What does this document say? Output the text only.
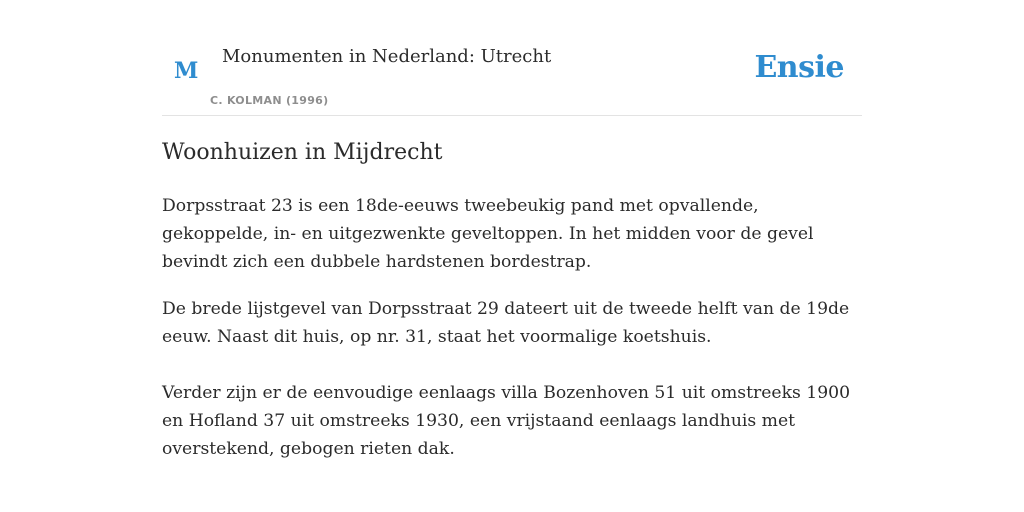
M
Monumenten in Nederland: Utrecht
C. KOLMAN (1996)
Ensie
Woonhuizen in Mijdrecht

Dorpsstraat 23 is een 18de-eeuws tweebeukig pand met opvallende, gekoppelde, in- en uitgezwenkte geveltoppen. In het midden voor de gevel bevindt zich een dubbele hardstenen bordestrap.

De brede lijstgevel van Dorpsstraat 29 dateert uit de tweede helft van de 19de eeuw. Naast dit huis, op nr. 31, staat het voormalige koetshuis.

Verder zijn er de eenvoudige eenlaags villa Bozenhoven 51 uit omstreeks 1900 en Hofland 37 uit omstreeks 1930, een vrijstaand eenlaags landhuis met overstekend, gebogen rieten dak.
